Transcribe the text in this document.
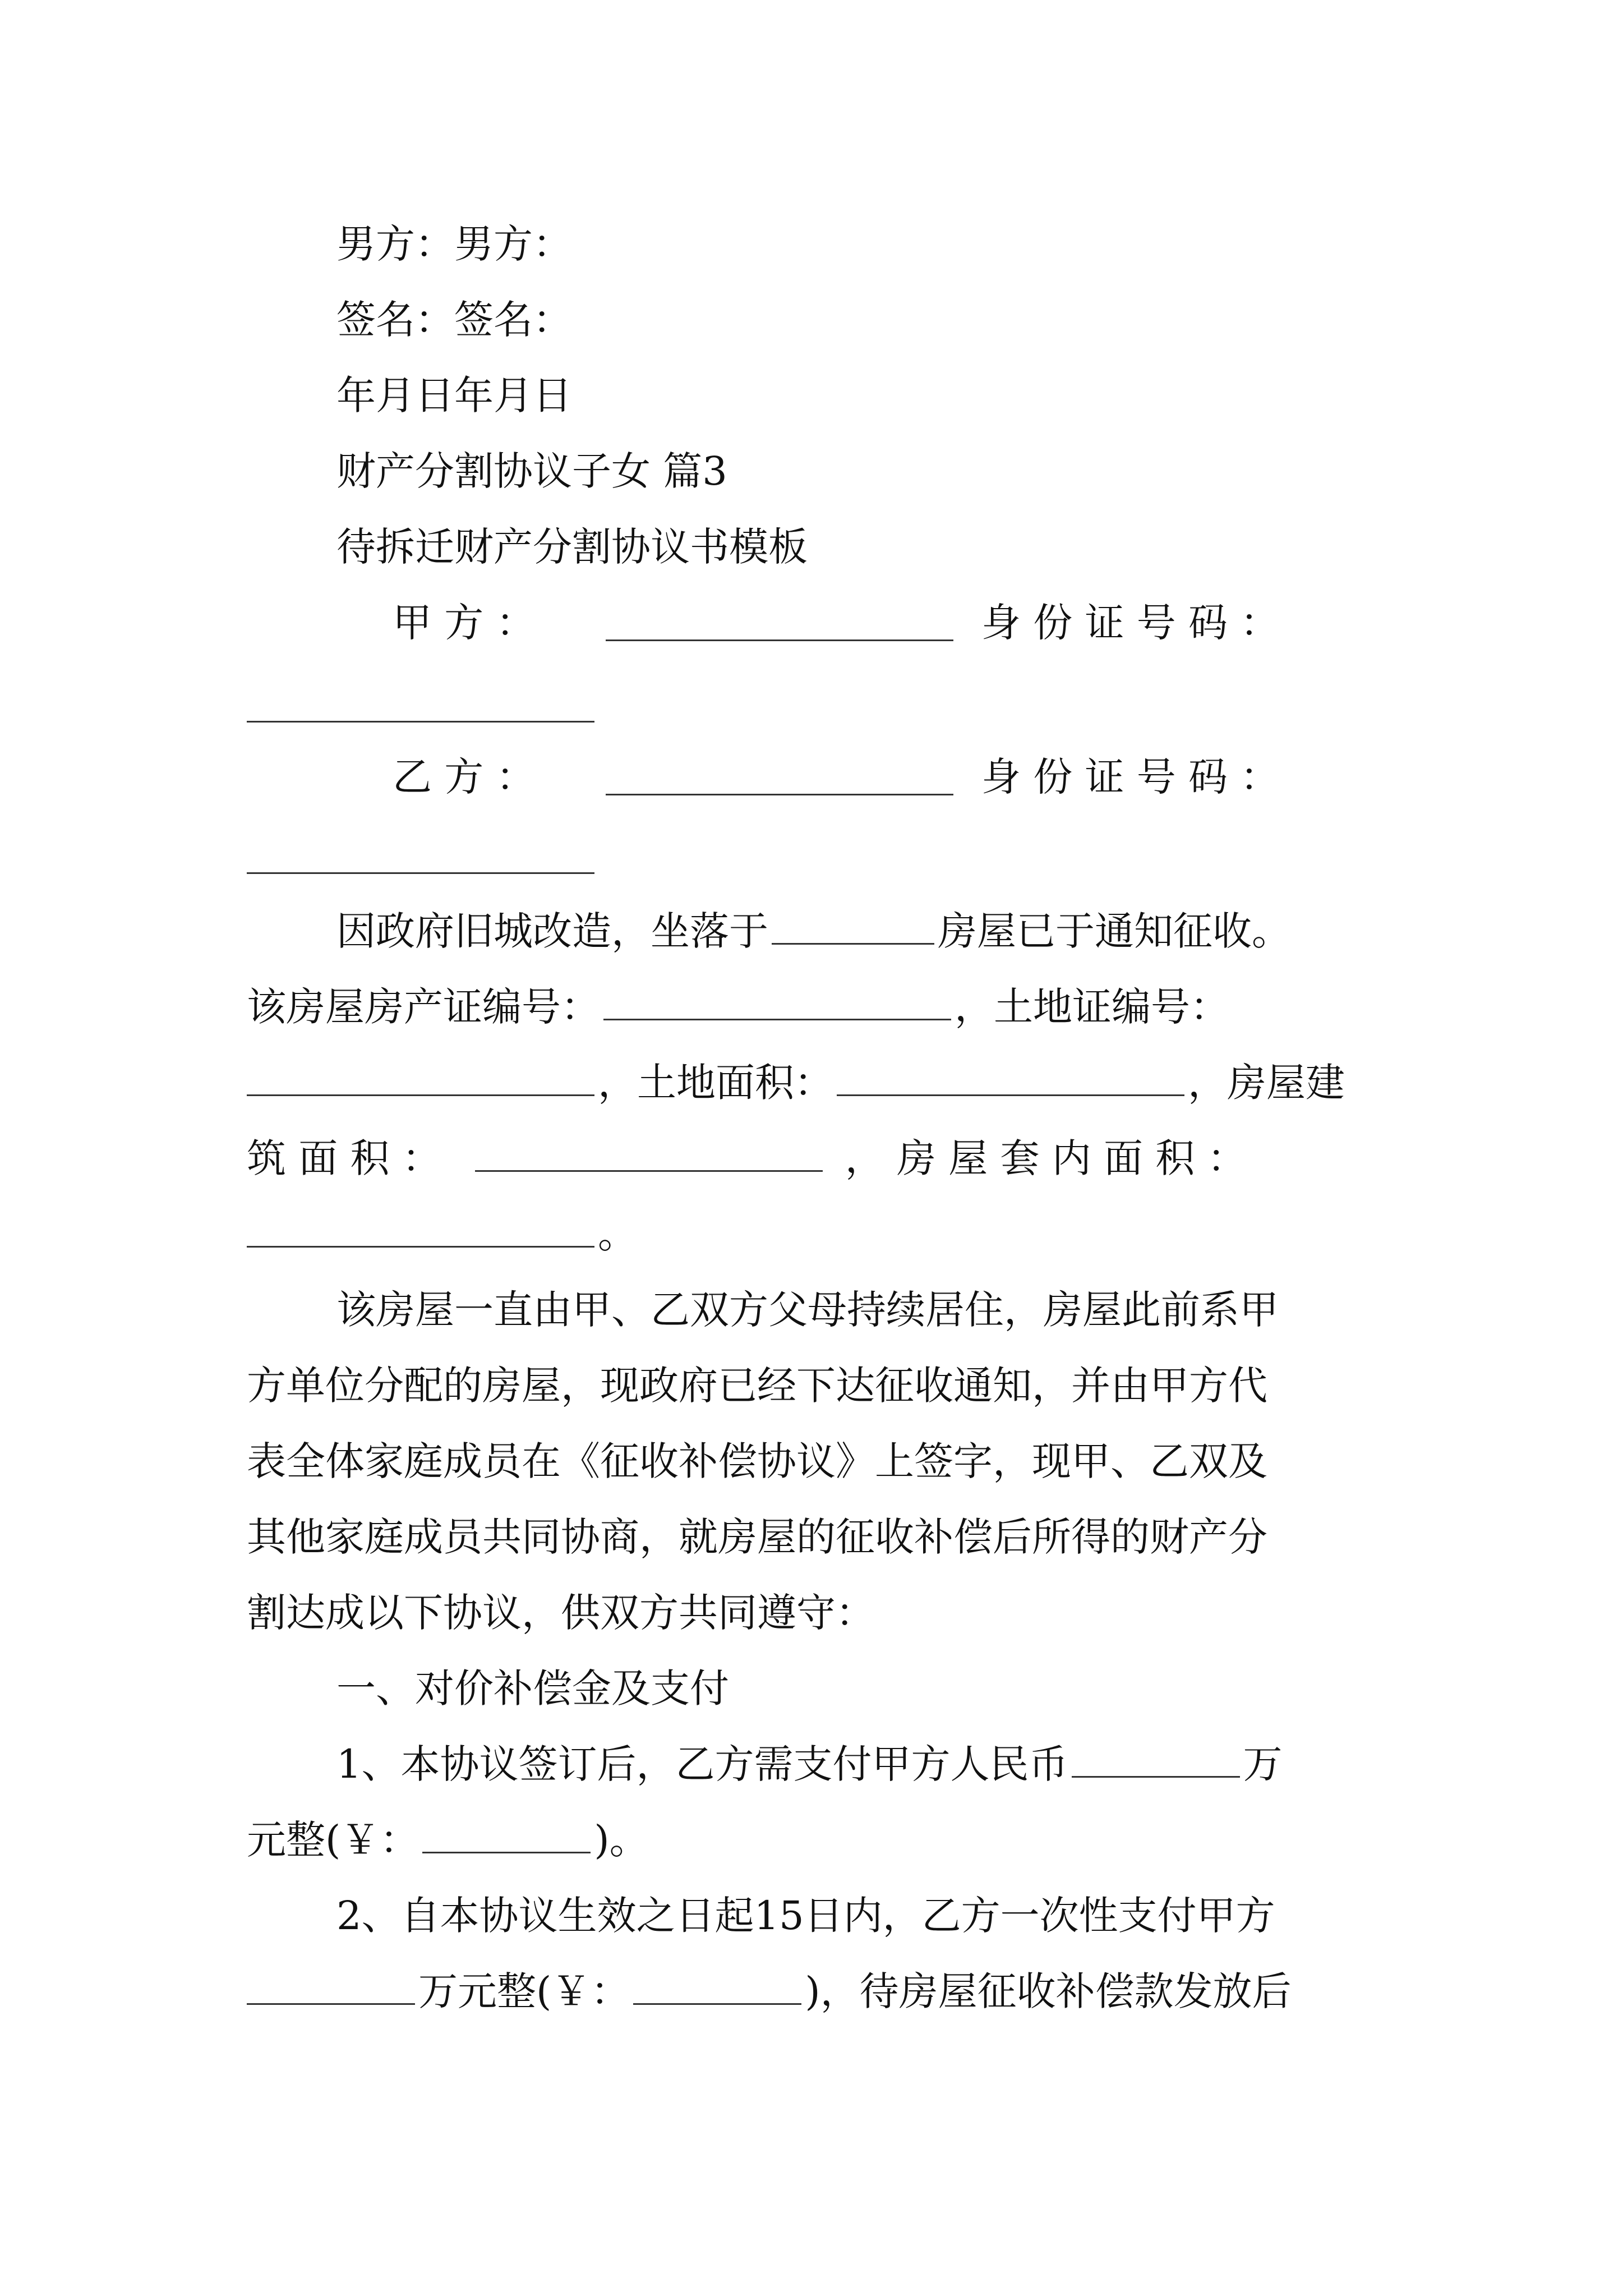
男方：男方：
签名：签名：
年月日年月日
财产分割协议子女 篇3
待拆迁财产分割协议书模板
甲 方 ：	身 份 证 号 码 ：
乙 方 ：	身 份 证 号 码 ：
因政府旧城改造，坐落于	房屋已于通知征收。
该房屋房产证编号：	，土地证编号：
，土地面积：	，房屋建
筑 面 积 ：	， 房 屋 套 内 面 积 ：
。
该房屋一直由甲、乙双方父母持续居住，房屋此前系甲
方单位分配的房屋，现政府已经下达征收通知，并由甲方代
表全体家庭成员在《征收补偿协议》上签字，现甲、乙双及
其他家庭成员共同协商，就房屋的征收补偿后所得的财产分
割达成以下协议，供双方共同遵守：
一、对价补偿金及支付
1、本协议签订后，乙方需支付甲方人民币	万
元整(￥：	)。
2、自本协议生效之日起15日内，乙方一次性支付甲方
万元整(￥：	)，待房屋征收补偿款发放后
